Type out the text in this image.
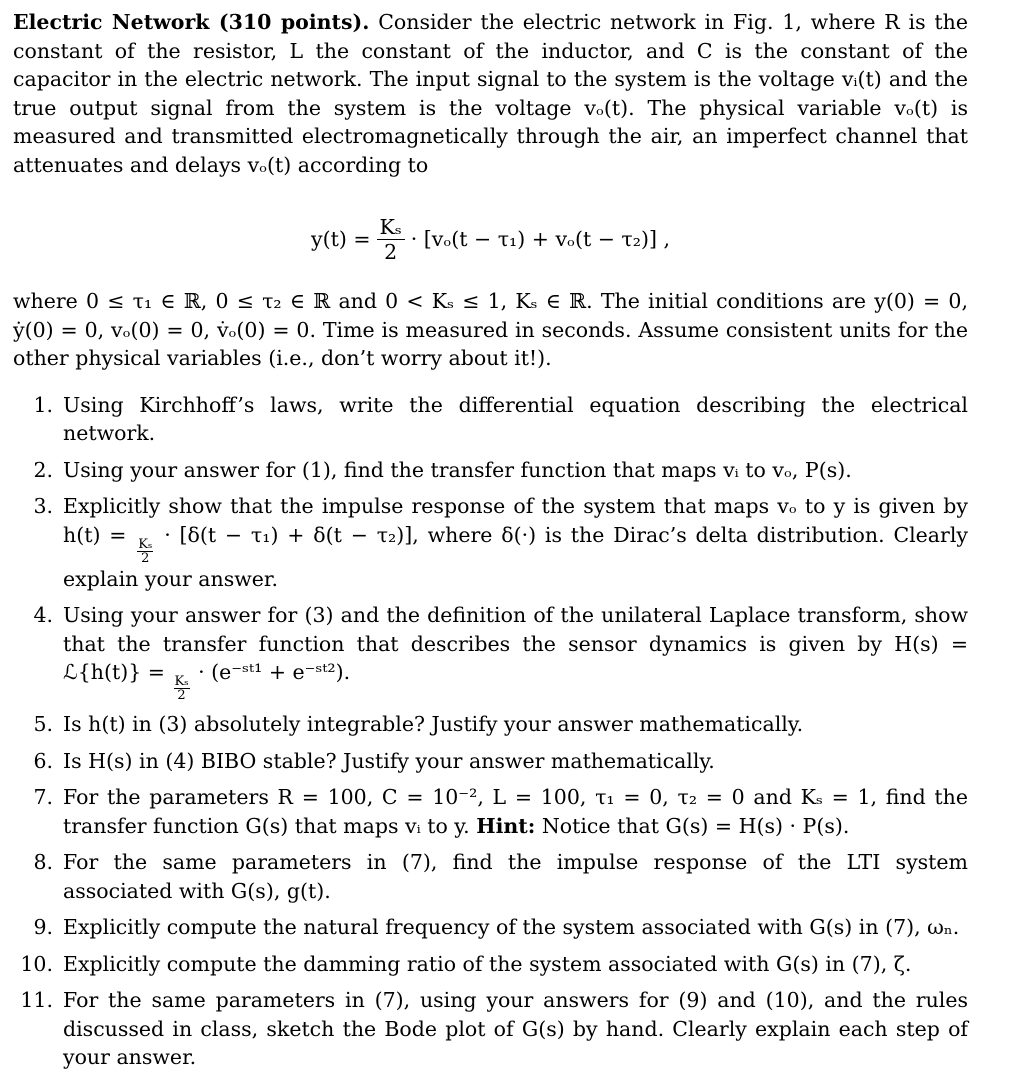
Electric Network (310 points). Consider the electric network in Fig. 1, where R is the constant of the resistor, L the constant of the inductor, and C is the constant of the capacitor in the electric network. The input signal to the system is the voltage vᵢ(t) and the true output signal from the system is the voltage vₒ(t). The physical variable vₒ(t) is measured and transmitted electromagnetically through the air, an imperfect channel that attenuates and delays vₒ(t) according to

$y(t) = \frac{\text{Kₛ}}{2} \cdot [v_o(t - \tau_1) + v_o(t - \tau_2)]$ ,

where 0 ≤ τ₁ ∈ ℝ, 0 ≤ τ₂ ∈ ℝ and 0 < Kₛ ≤ 1, Kₛ ∈ ℝ. The initial conditions are y(0) = 0, ẏ(0) = 0, vₒ(0) = 0, v̇ₒ(0) = 0. Time is measured in seconds. Assume consistent units for the other physical variables (i.e., don’t worry about it!).

1. Using Kirchhoff’s laws, write the differential equation describing the electrical network.
2. Using your answer for (1), find the transfer function that maps vᵢ to vₒ, P(s).
3. Explicitly show that the impulse response of the system that maps vₒ to y is given by h(t) =
$\frac{\text{Kₛ}}{2}$
· [δ(t − τ₁) + δ(t − τ₂)], where δ(·) is the Dirac’s delta distribution. Clearly explain your answer.
4. Using your answer for (3) and the definition of the unilateral Laplace transform, show that the transfer function that describes the sensor dynamics is given by H(s) = ℒ{h(t)} =
$\frac{\text{Kₛ}}{2}$
· (e⁻ˢᵗ¹ + e⁻ˢᵗ²).
5. Is h(t) in (3) absolutely integrable? Justify your answer mathematically.
6. Is H(s) in (4) BIBO stable? Justify your answer mathematically.
7. For the parameters R = 100, C = 10⁻², L = 100, τ₁ = 0, τ₂ = 0 and Kₛ = 1, find the transfer function G(s) that maps vᵢ to y. Hint: Notice that G(s) = H(s) · P(s).
8. For the same parameters in (7), find the impulse response of the LTI system associated with G(s), g(t).
9. Explicitly compute the natural frequency of the system associated with G(s) in (7), ωₙ.
10. Explicitly compute the damming ratio of the system associated with G(s) in (7), ζ.
11. For the same parameters in (7), using your answers for (9) and (10), and the rules discussed in class, sketch the Bode plot of G(s) by hand. Clearly explain each step of your answer.
